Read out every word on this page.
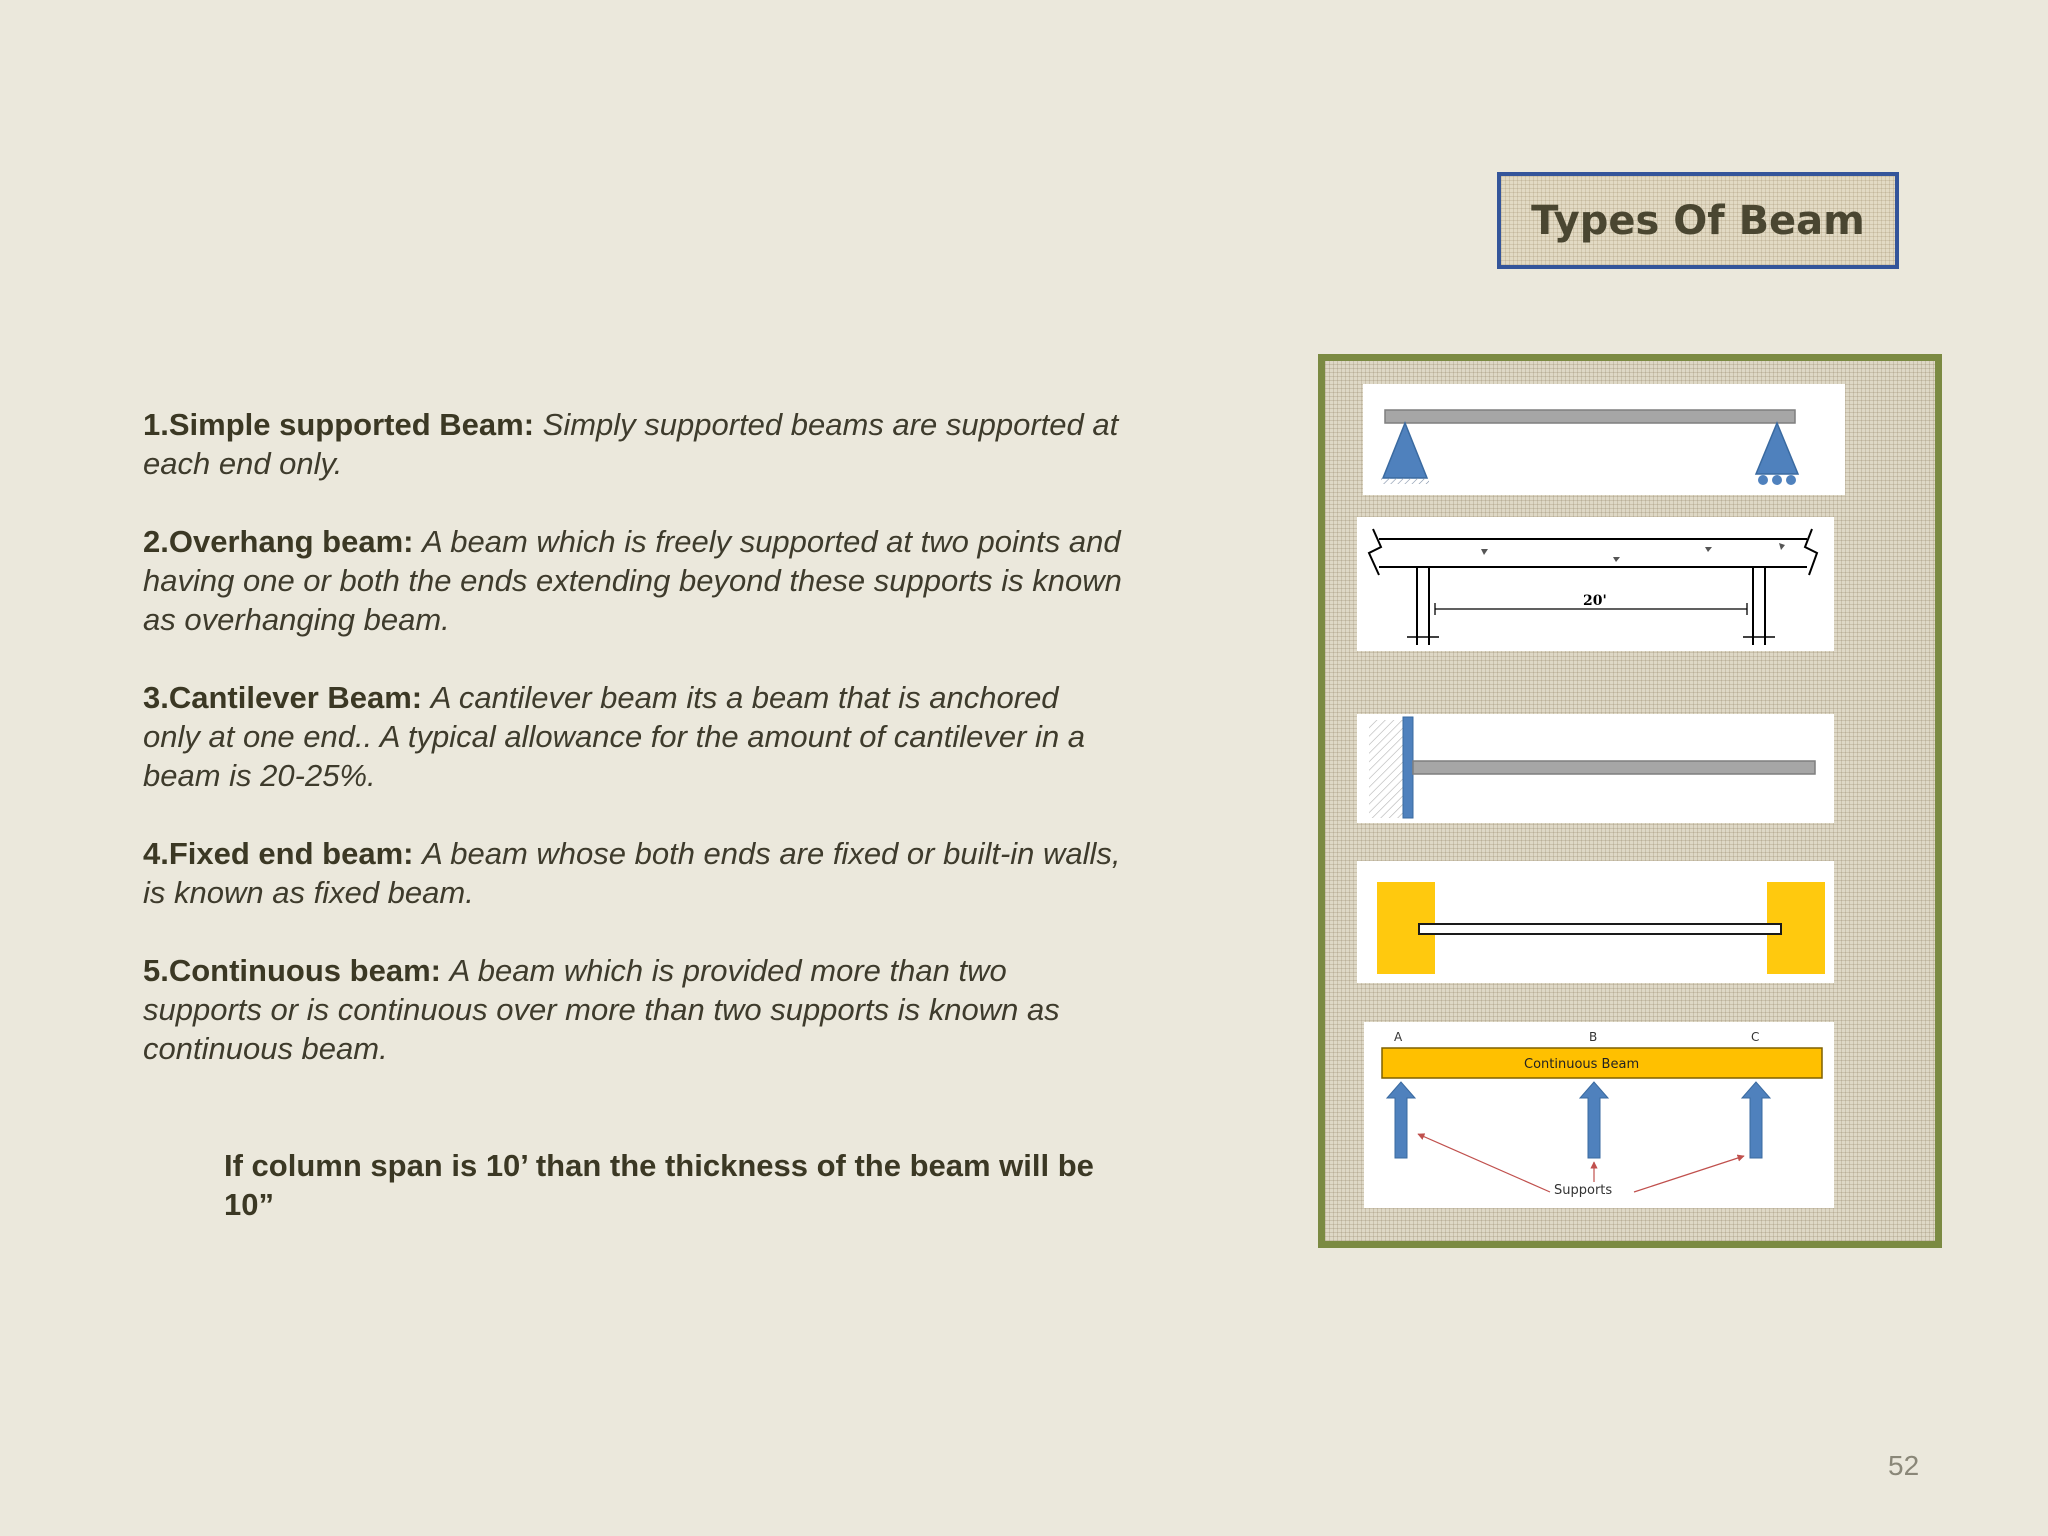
Types Of Beam

1.Simple supported Beam: Simply supported beams are supported at each end only.

2.Overhang beam: A beam which is freely supported at two points and having one or both the ends extending beyond these supports is known as overhanging beam.

3.Cantilever Beam: A cantilever beam its a beam that is anchored only at one end.. A typical allowance for the amount of cantilever in a beam is 20-25%.

4.Fixed end beam: A beam whose both ends are fixed or built-in walls, is known as fixed beam.

5.Continuous beam: A beam which is provided more than two supports or is continuous over more than two supports is known as continuous beam.

If column span is 10’ than the thickness of the beam will be 10”
20'
A	B	C
Continuous Beam
Supports
52
